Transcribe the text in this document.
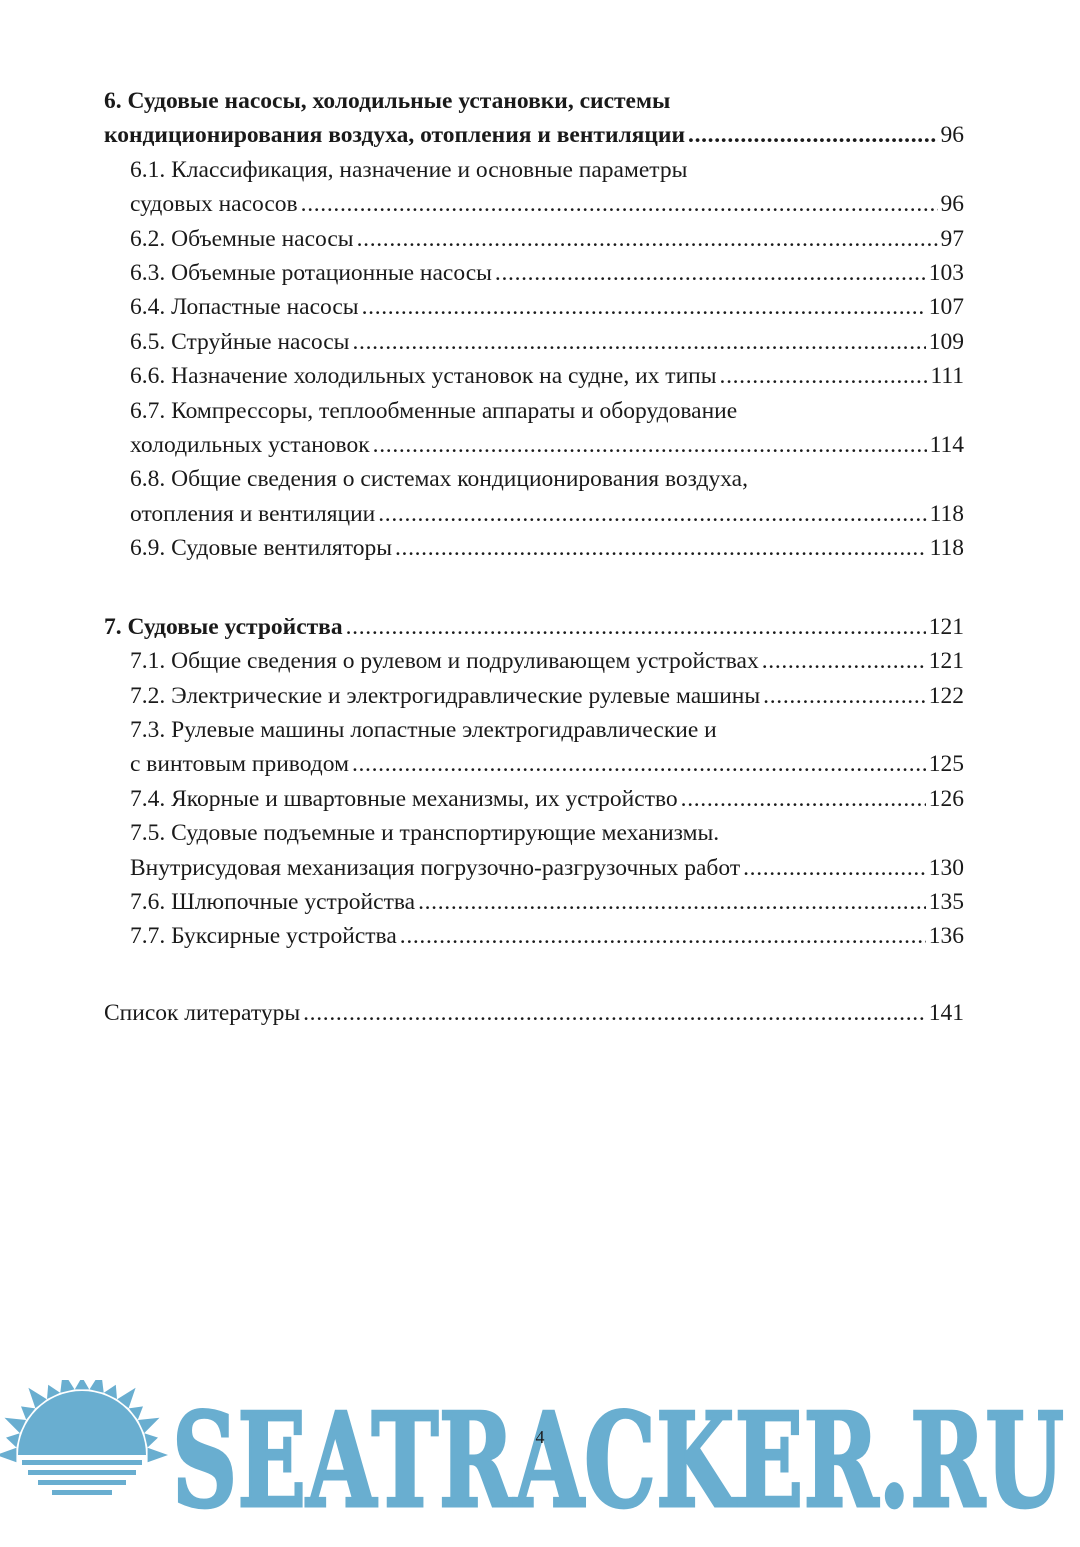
6. Судовые насосы, холодильные установки, системы
кондиционирования воздуха, отопления и вентиляции . . .	96
6.1. Классификация, назначение и основные параметры
судовых насосов . . .	96
6.2. Объемные насосы . . .	97
6.3. Объемные ротационные насосы . . .	103
6.4. Лопастные насосы . . .	107
6.5. Струйные насосы . . .	109
6.6. Назначение холодильных установок на судне, их типы . . .	111
6.7. Компрессоры, теплообменные аппараты и оборудование
холодильных установок . . .	114
6.8. Общие сведения о системах кондиционирования воздуха,
отопления и вентиляции . . .	118
6.9. Судовые вентиляторы . . .	118
7. Судовые устройства . . .	121
7.1. Общие сведения о рулевом и подруливающем устройствах . . .	121
7.2. Электрические и электрогидравлические рулевые машины . . .	122
7.3. Рулевые машины лопастные электрогидравлические и
с винтовым приводом . . .	125
7.4. Якорные и швартовные механизмы, их устройство . . .	126
7.5. Судовые подъемные и транспортирующие механизмы.
Внутрисудовая механизация погрузочно-разгрузочных работ . . .	130
7.6. Шлюпочные устройства . . .	135
7.7. Буксирные устройства . . .	136
Список литературы . . .	141
SEATRACKER.RU
4
